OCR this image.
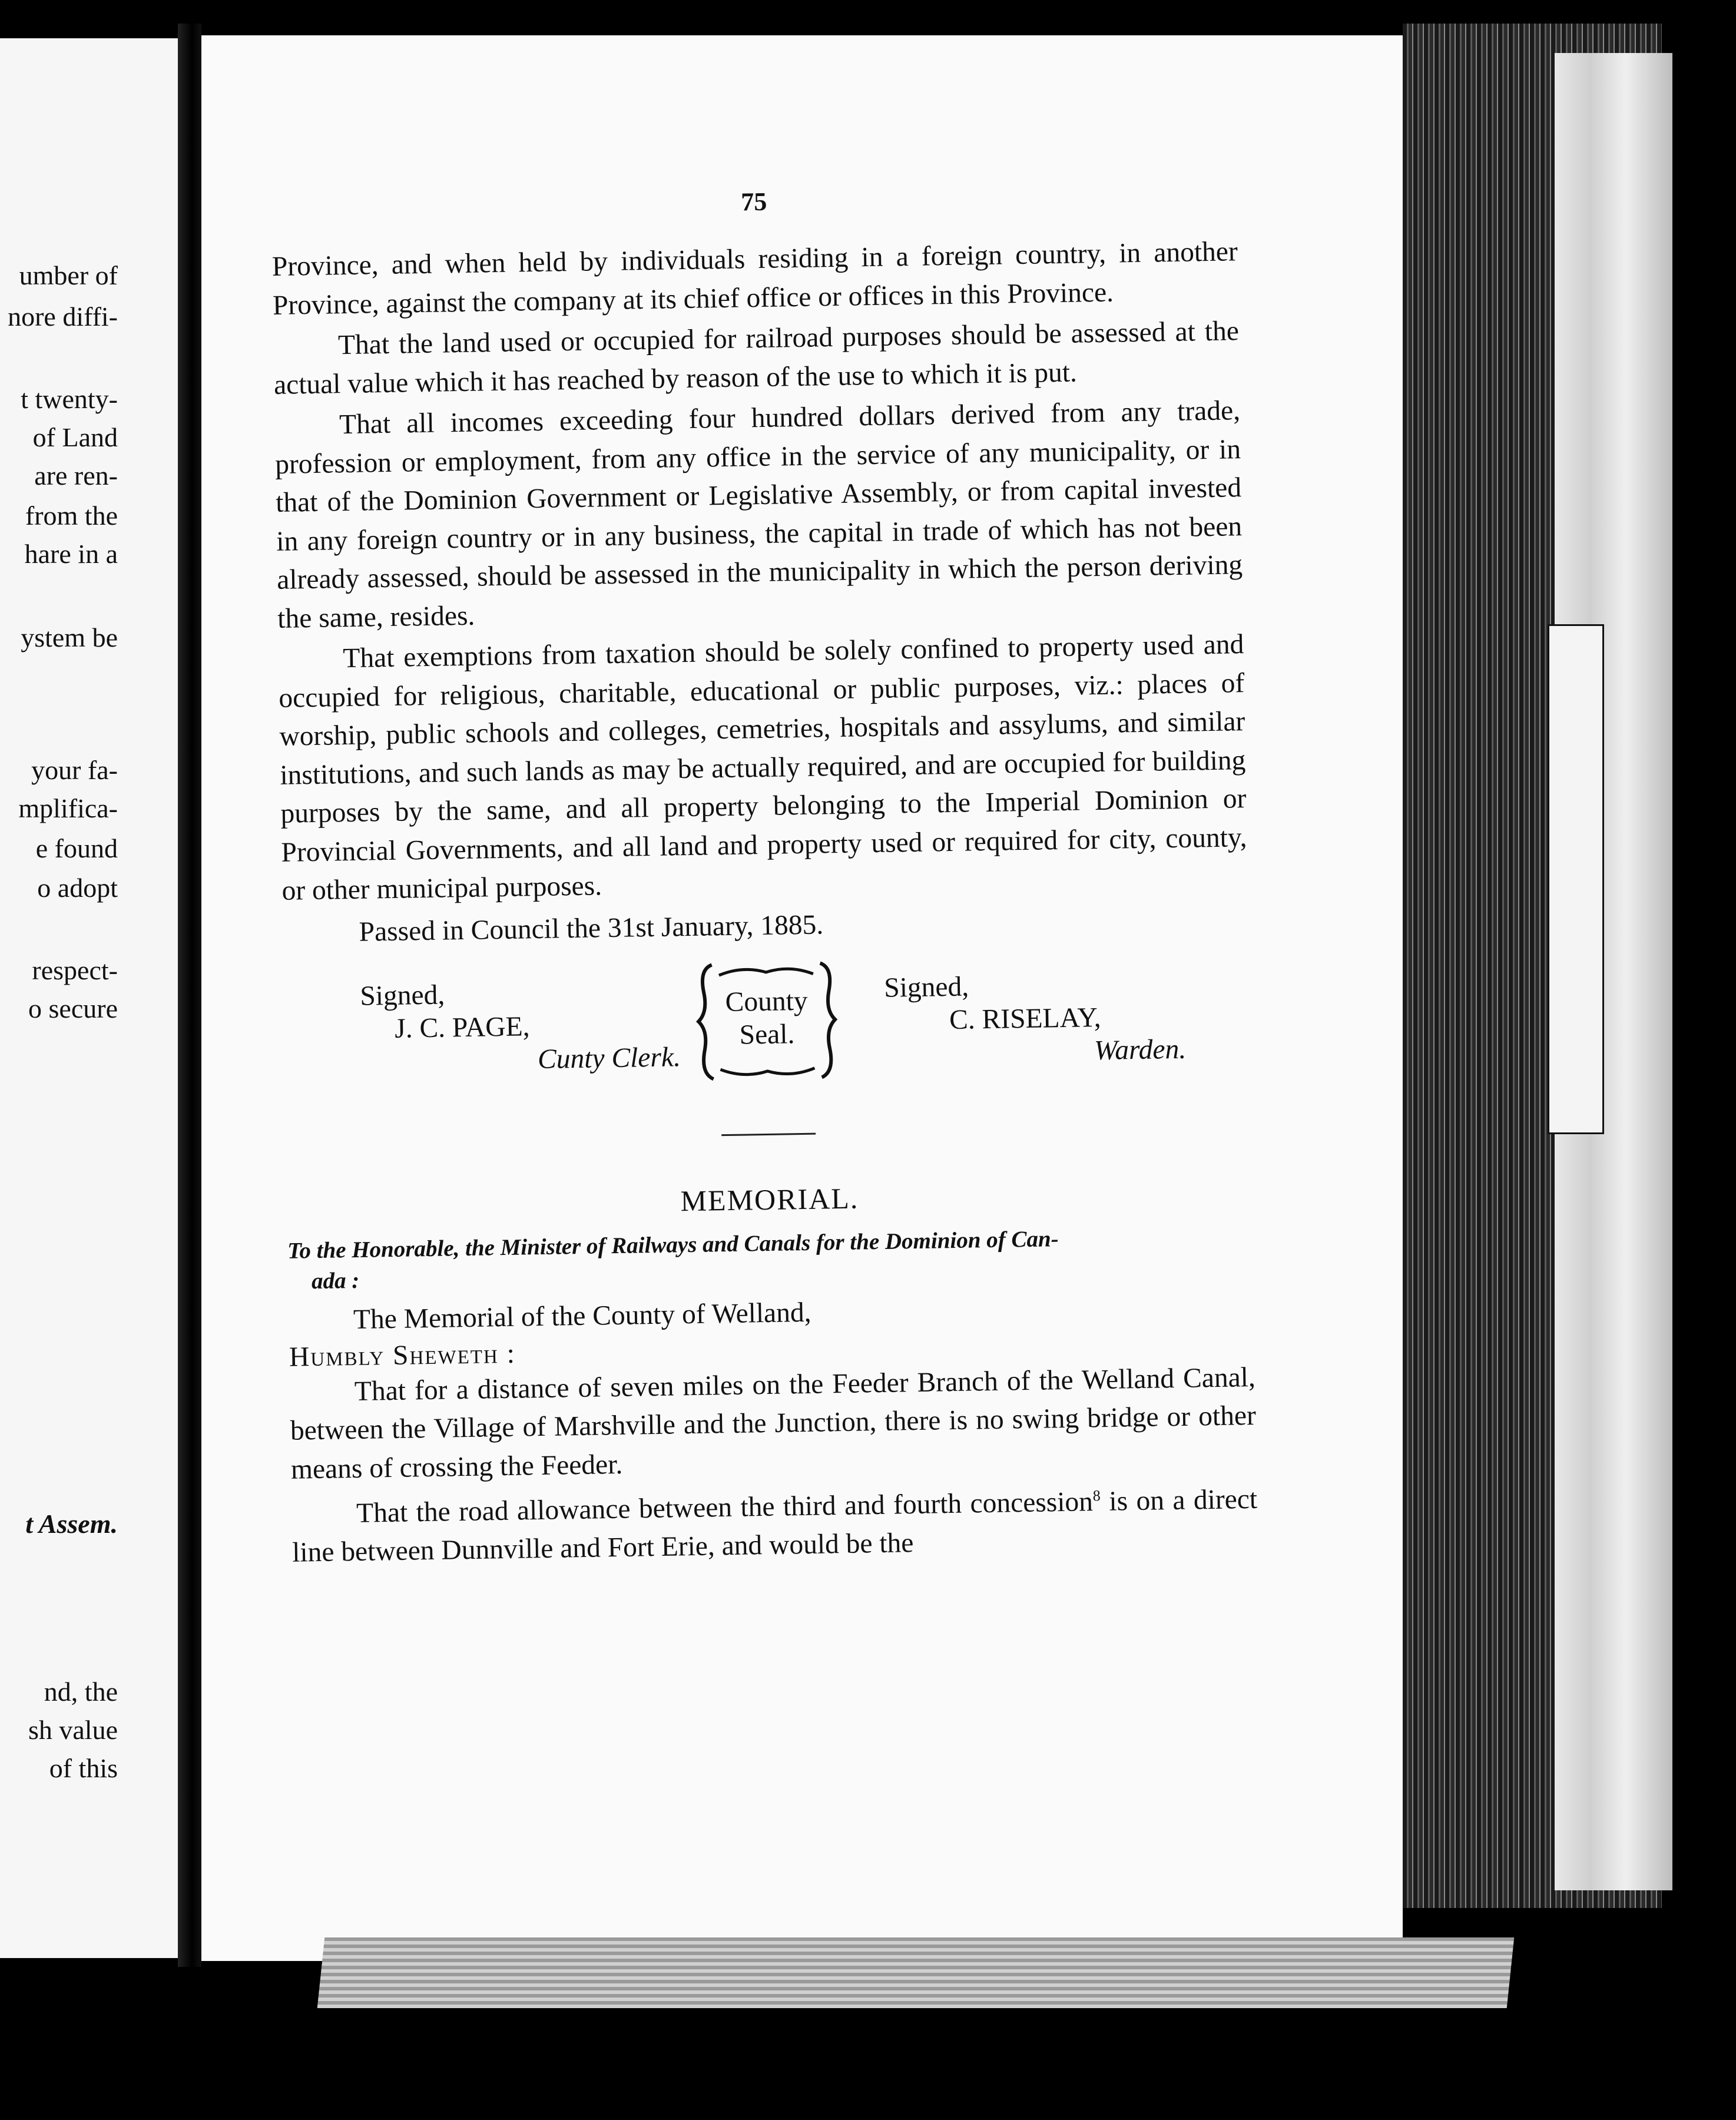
umber of
nore diffi-
t twenty-
of Land
are ren-
from the
hare in a
ystem be
your fa-
mplifica-
e found
o adopt
respect-
o secure
t Assem.
nd, the
sh value
of this
75

Province, and when held by individuals residing in a foreign country, in another Province, against the company at its chief office or offices in this Province.

That the land used or occupied for railroad purposes should be assessed at the actual value which it has reached by reason of the use to which it is put.

That all incomes exceeding four hundred dollars derived from any trade, profession or employment, from any office in the service of any municipality, or in that of the Dominion Government or Legislative Assembly, or from capital invested in any foreign country or in any business, the capital in trade of which has not been already assessed, should be assessed in the municipality in which the person deriving the same, resides.

That exemptions from taxation should be solely confined to property used and occupied for religious, charitable, educational or public purposes, viz.: places of worship, public schools and colleges, cemetries, hospitals and assylums, and similar institutions, and such lands as may be actually required, and are occupied for building purposes by the same, and all property belonging to the Imperial Dominion or Provincial Governments, and all land and property used or required for city, county, or other municipal purposes.

Passed in Council the 31st January, 1885.

Signed,
J. C. PAGE,
Cunty Clerk.
County
Seal.
Signed,
C. RISELAY,
Warden.
MEMORIAL.

To the Honorable, the Minister of Railways and Canals for the Dominion of Can-
ada :

The Memorial of the County of Welland,

Humbly Sheweth :

That for a distance of seven miles on the Feeder Branch of the Welland Canal, between the Village of Marshville and the Junction, there is no swing bridge or other means of crossing the Feeder.

That the road allowance between the third and fourth concession$^8$ is on a direct line between Dunnville and Fort Erie, and would be the
